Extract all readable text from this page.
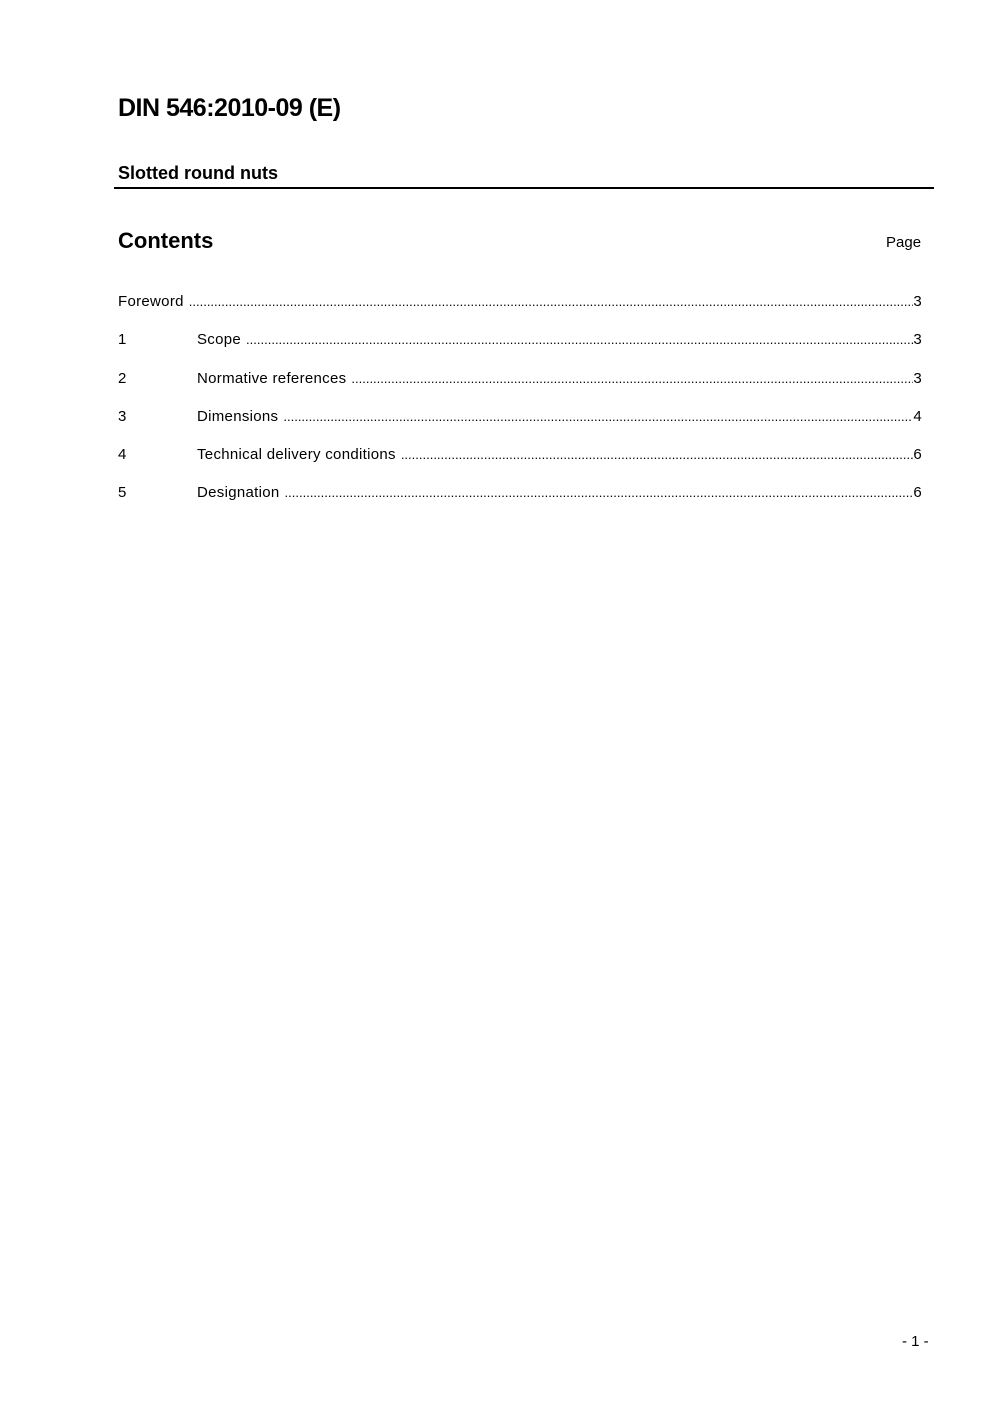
DIN 546:2010-09 (E)
Slotted round nuts
Contents	Page
Foreword .....	3
1	Scope .....	3
2	Normative references .....	3
3	Dimensions .....	4
4	Technical delivery conditions .....	6
5	Designation .....	6
- 1 -
